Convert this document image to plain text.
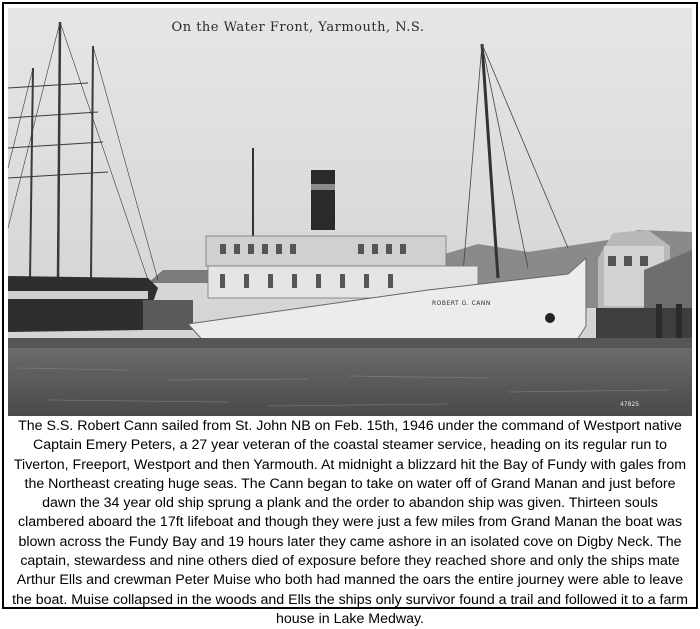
On the Water Front, Yarmouth, N.S.
ROBERT G. CANN
47825
The S.S. Robert Cann sailed from St. John NB on Feb. 15th, 1946 under the command of Westport native Captain Emery Peters, a 27 year veteran of the coastal steamer service, heading on its regular run to Tiverton, Freeport, Westport and then Yarmouth. At midnight a blizzard hit the Bay of Fundy with gales from the Northeast creating huge seas. The Cann began to take on water off of Grand Manan and just before dawn the 34 year old ship sprung a plank and the order to abandon ship was given. Thirteen souls clambered aboard the 17ft lifeboat and though they were just a few miles from Grand Manan the boat was blown across the Fundy Bay and 19 hours later they came ashore in an isolated cove on Digby Neck. The captain, stewardess and nine others died of exposure before they reached shore and only the ships mate Arthur Ells and crewman Peter Muise who both had manned the oars the entire journey were able to leave the boat. Muise collapsed in the woods and Ells the ships only survivor found a trail and followed it to a farm house in Lake Medway.
